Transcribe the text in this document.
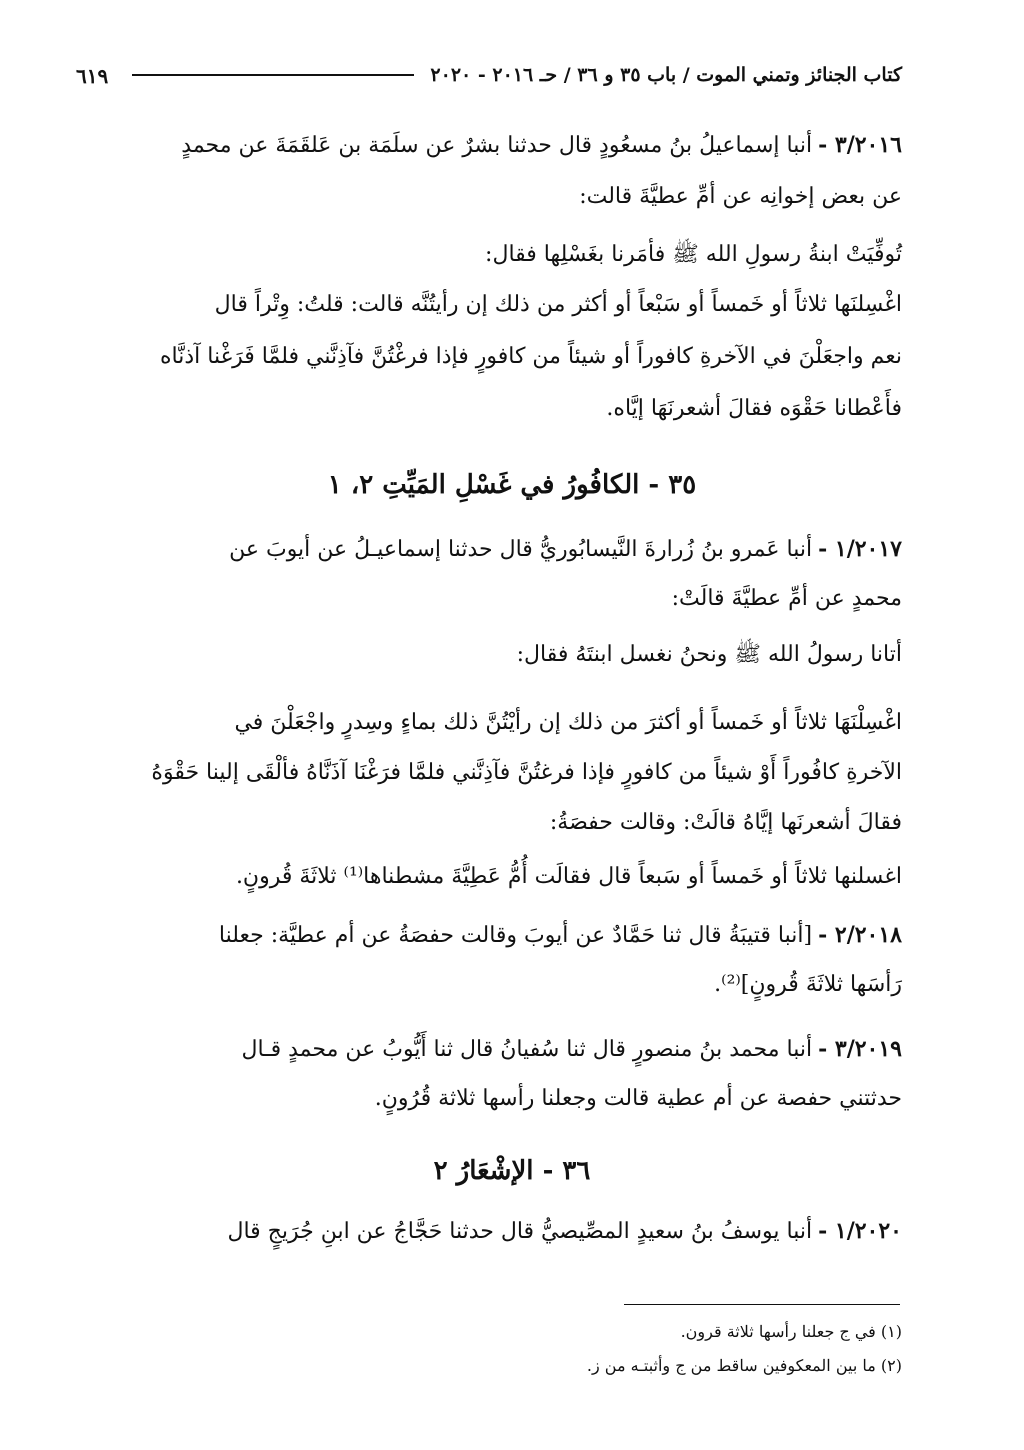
كتاب الجنائز وتمني الموت / باب ٣٥ و ٣٦ / حـ ٢٠١٦ - ٢٠٢٠
٦١٩
٣/٢٠١٦ -أنبا إسماعيلُ بنُ مسعُودٍ قال حدثنا بشرٌ عن سلَمَة بن عَلقَمَةَ عن محمدٍ
عن بعض إخوانِه عن أمِّ عطيَّةَ قالت:
تُوفِّيَتْ ابنةُ رسولِ الله ﷺ فأمَرنا بغَسْلِها فقال:
اغْسِلنَها ثلاثاً أو خَمساً أو سَبْعاً أو أكثر من ذلك إن رأيتُنَّه قالت: قلتُ: وِتْراً قال
نعم واجعَلْنَ في الآخرةِ كافوراً أو شيئاً من كافورٍ فإذا فرغْتُنَّ فآذِنَّني فلمَّا فَرَغْنا آذنَّاه
فأَعْطانا حَقْوَه فقالَ أشعرنَهَا إيَّاه.
٣٥ - الكافُورُ في غَسْلِ المَيِّتِ ٢، ١
١/٢٠١٧ -أنبا عَمرو بنُ زُرارةَ النَّيسابُوريُّ قال حدثنا إسماعيـلُ عن أيوبَ عن
محمدٍ عن أمِّ عطيَّةَ قالَتْ:
أتانا رسولُ الله ﷺ ونحنُ نغسل ابنتَهُ فقال:
اغْسِلْنَهَا ثلاثاً أو خَمساً أو أكثرَ من ذلك إن رأيْتُنَّ ذلك بماءٍ وسِدرٍ واجْعَلْنَ في
الآخرةِ كافُوراً أَوْ شيئاً من كافورٍ فإذا فرغتُنَّ فآذِنَّني فلمَّا فرَغْنَا آذَنَّاهُ فألْقَى إلينا حَقْوَهُ
فقالَ أشعرنَها إيَّاهُ قالَتْ: وقالت حفصَةُ:
اغسلنها ثلاثاً أو خَمساً أو سَبعاً قال فقالَت أُمُّ عَطِيَّةَ مشطناها⁽¹⁾ ثلاثَةَ قُرونٍ.
٢/٢٠١٨ -[أنبا قتيبَةُ قال ثنا حَمَّادٌ عن أيوبَ وقالت حفصَةُ عن أم عطيَّة: جعلنا
رَأسَها ثلاثَةَ قُرونٍ]⁽²⁾.
٣/٢٠١٩ -أنبا محمد بنُ منصورٍ قال ثنا سُفيانُ قال ثنا أَيُّوبُ عن محمدٍ قـال
حدثتني حفصة عن أم عطية قالت وجعلنا رأسها ثلاثة قُرُونٍ.
٣٦ - الإشْعَارُ ٢
١/٢٠٢٠ -أنبا يوسفُ بنُ سعيدٍ المصِّيصيُّ قال حدثنا حَجَّاجُ عن ابنِ جُرَيجٍ قال
(١) في ج جعلنا رأسها ثلاثة قرون.
(٢) ما بين المعكوفين ساقط من ج وأثبتـه من ز.
